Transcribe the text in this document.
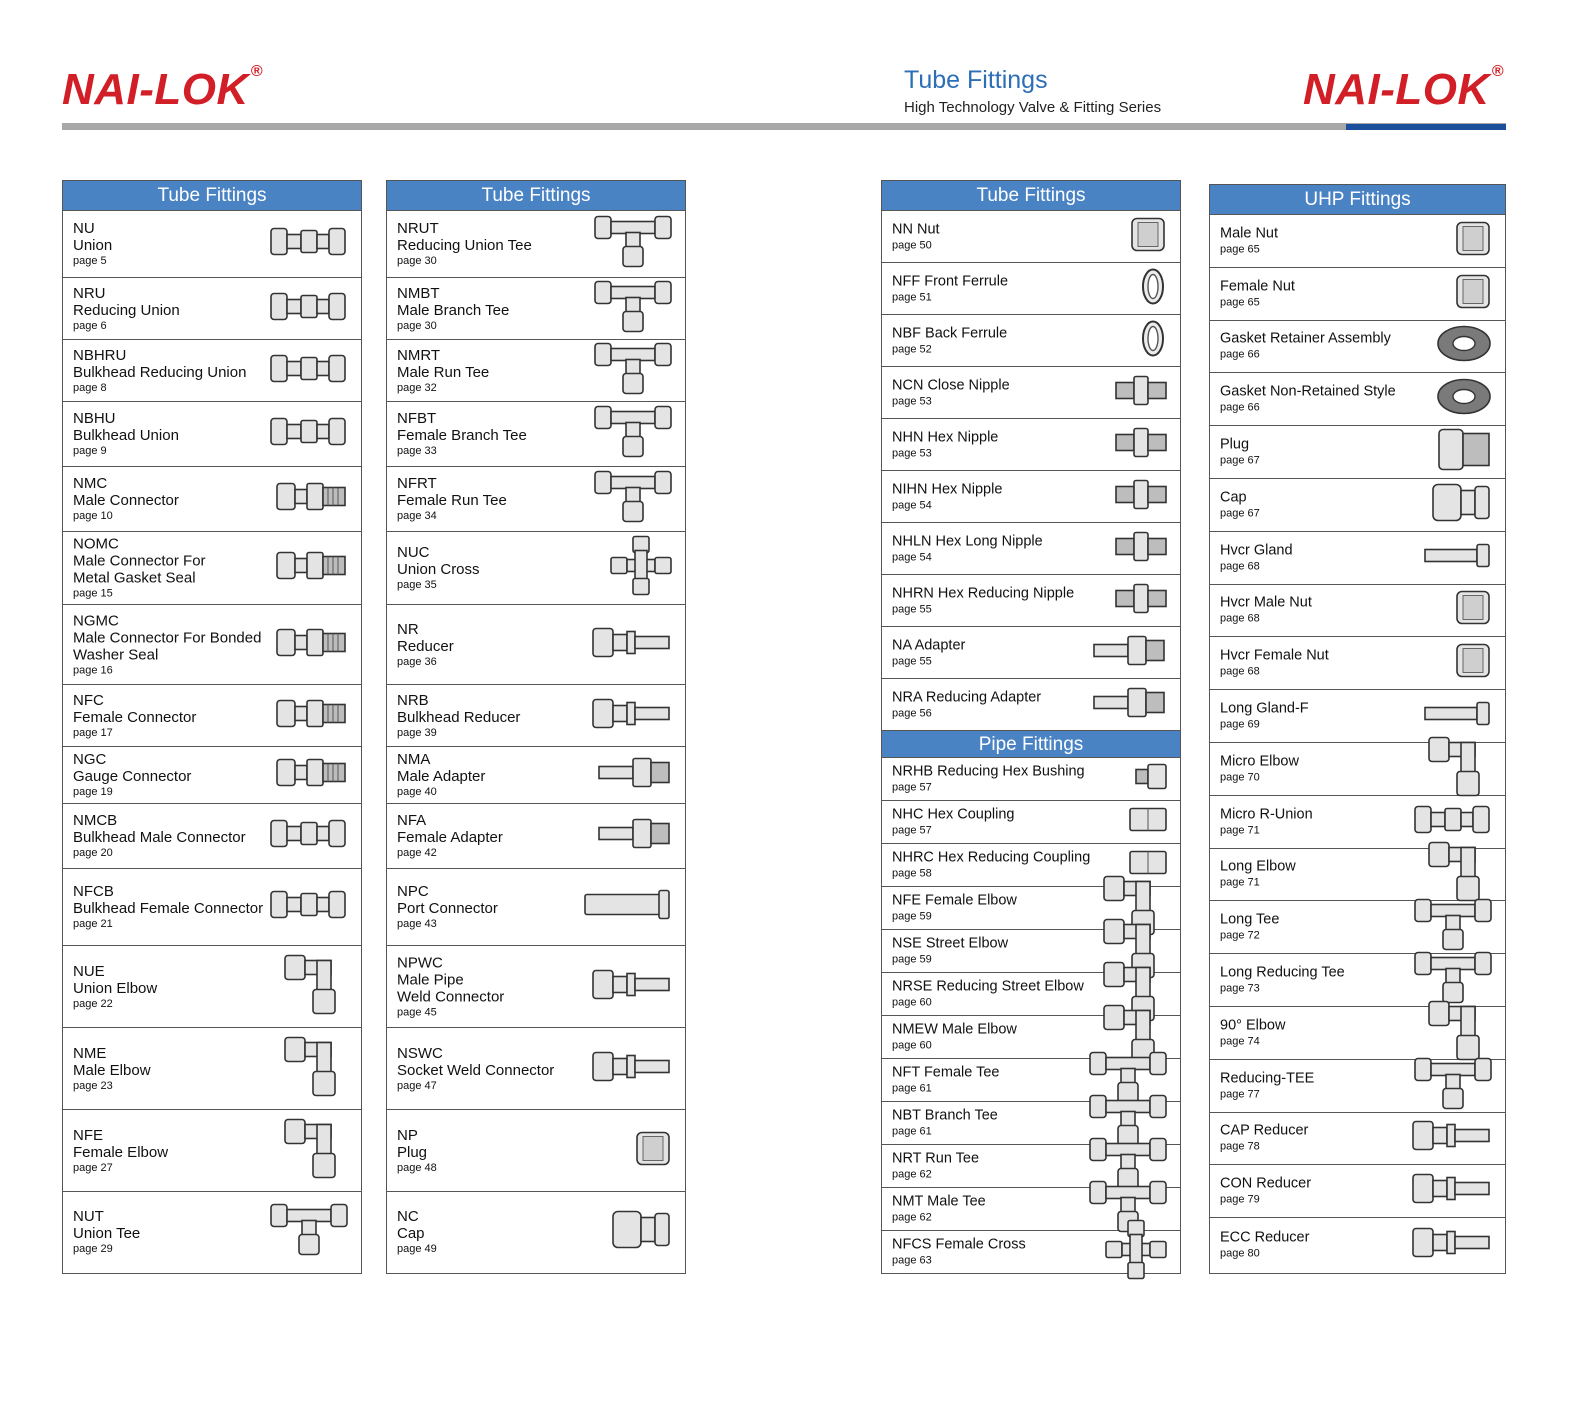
NAI-LOK ®	Tube Fittings
High Technology Valve & Fitting Series	NAI-LOK ®
Tube Fittings
NU
Union
page 5
NRU
Reducing Union
page 6
NBHRU
Bulkhead Reducing Union
page 8
NBHU
Bulkhead Union
page 9
NMC
Male Connector
page 10
NOMC
Male Connector For
Metal Gasket Seal
page 15
NGMC
Male Connector For Bonded
Washer Seal
page 16
NFC
Female Connector
page 17
NGC
Gauge Connector
page 19
NMCB
Bulkhead Male Connector
page 20
NFCB
Bulkhead Female Connector
page 21
NUE
Union Elbow
page 22
NME
Male Elbow
page 23
NFE
Female Elbow
page 27
NUT
Union Tee
page 29
Tube Fittings
NRUT
Reducing Union Tee
page 30
NMBT
Male Branch Tee
page 30
NMRT
Male Run Tee
page 32
NFBT
Female Branch Tee
page 33
NFRT
Female Run Tee
page 34
NUC
Union Cross
page 35
NR
Reducer
page 36
NRB
Bulkhead Reducer
page 39
NMA
Male Adapter
page 40
NFA
Female Adapter
page 42
NPC
Port Connector
page 43
NPWC
Male Pipe
Weld Connector
page 45
NSWC
Socket Weld Connector
page 47
NP
Plug
page 48
NC
Cap
page 49
Tube Fittings
NN Nut
page 50
NFF Front Ferrule
page 51
NBF Back Ferrule
page 52
NCN Close Nipple
page 53
NHN Hex Nipple
page 53
NIHN Hex Nipple
page 54
NHLN Hex Long Nipple
page 54
NHRN Hex Reducing Nipple
page 55
NA Adapter
page 55
NRA Reducing Adapter
page 56
Pipe Fittings
NRHB Reducing Hex Bushing
page 57
NHC Hex Coupling
page 57
NHRC Hex Reducing Coupling
page 58
NFE Female Elbow
page 59
NSE Street Elbow
page 59
NRSE Reducing Street Elbow
page 60
NMEW Male Elbow
page 60
NFT Female Tee
page 61
NBT Branch Tee
page 61
NRT Run Tee
page 62
NMT Male Tee
page 62
NFCS Female Cross
page 63
UHP Fittings
Male Nut
page 65
Female Nut
page 65
Gasket Retainer Assembly
page 66
Gasket Non-Retained Style
page 66
Plug
page 67
Cap
page 67
Hvcr Gland
page 68
Hvcr Male Nut
page 68
Hvcr Female Nut
page 68
Long Gland-F
page 69
Micro Elbow
page 70
Micro R-Union
page 71
Long Elbow
page 71
Long Tee
page 72
Long Reducing Tee
page 73
90° Elbow
page 74
Reducing-TEE
page 77
CAP Reducer
page 78
CON Reducer
page 79
ECC Reducer
page 80
